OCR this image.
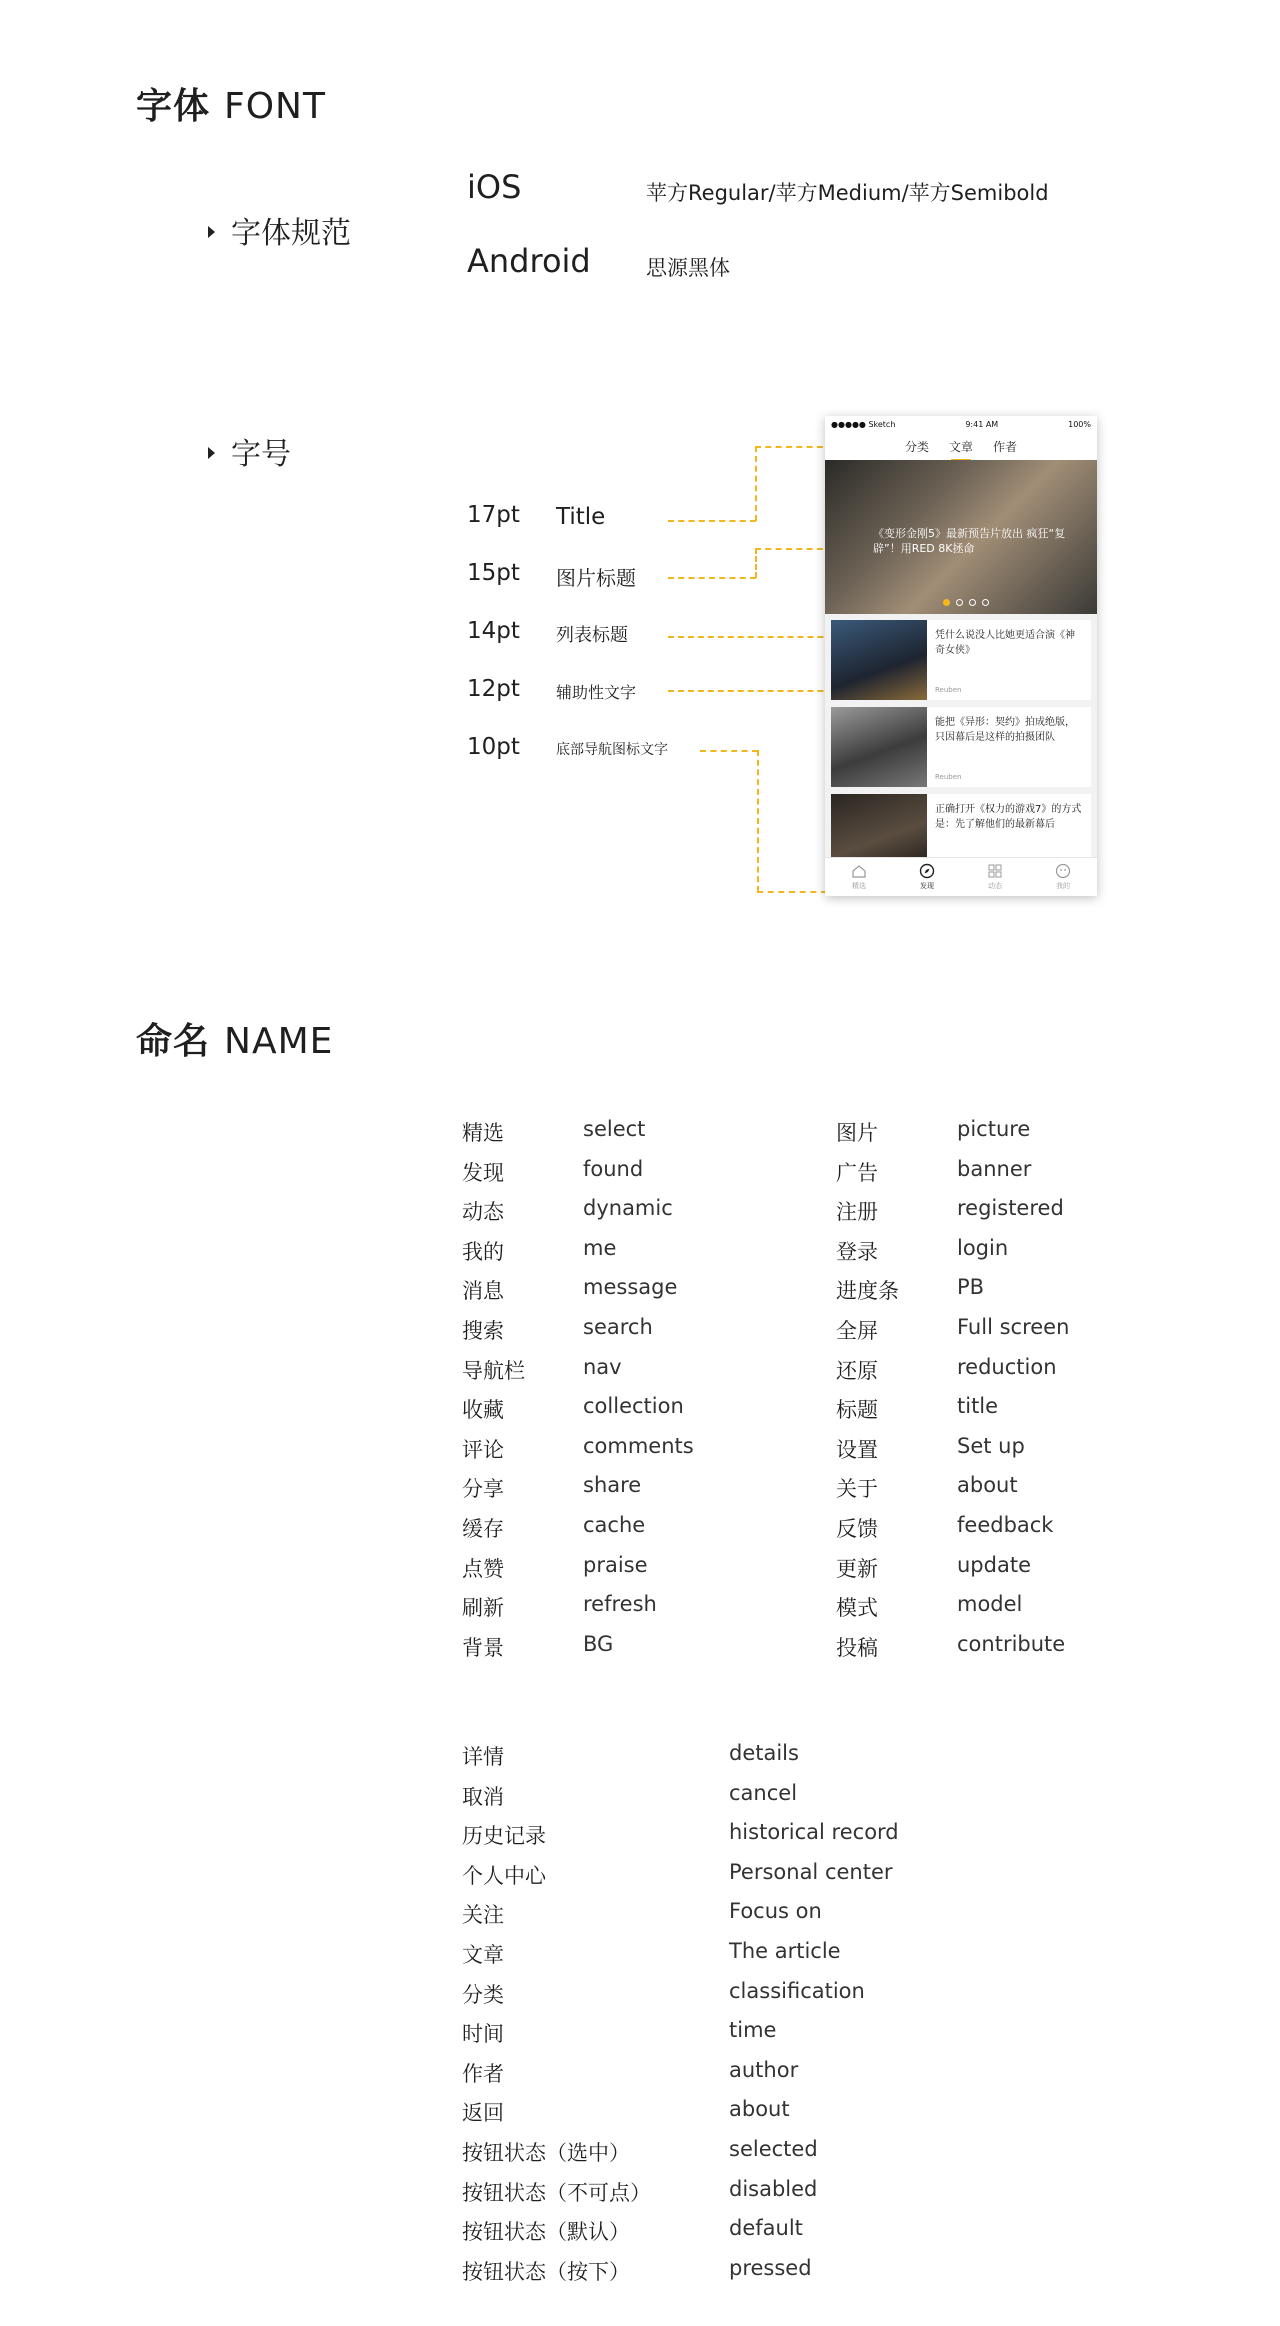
字体 FONT
字体规范
iOS	苹方Regular/苹方Medium/苹方Semibold
Android	思源黑体
字号
17pt Title
15pt 图片标题
14pt 列表标题
12pt 辅助性文字
10pt	底部导航图标文字
●●●●● Sketch	9:41 AM	100%
分类 文章 作者
《变形金刚5》最新预告片放出 疯狂“复辟”！用RED 8K拯命
凭什么说没人比她更适合演《神奇女侠》
Reuben
能把《异形：契约》拍成绝版，只因幕后是这样的拍摄团队
Reuben
正确打开《权力的游戏7》的方式是：先了解他们的最新幕后
精选	发现	动态	我的
命名 NAME
精选	select
发现	found
动态	dynamic
我的	me
消息	message
搜索	search
导航栏	nav
收藏	collection
评论	comments
分享	share
缓存	cache
点赞	praise
刷新	refresh
背景	BG
图片	picture
广告	banner
注册	registered
登录	login
进度条	PB
全屏	Full screen
还原	reduction
标题	title
设置	Set up
关于	about
反馈	feedback
更新	update
模式	model
投稿	contribute
详情	details
取消	cancel
历史记录	historical record
个人中心	Personal center
关注	Focus on
文章	The article
分类	classification
时间	time
作者	author
返回	about
按钮状态（选中）	selected
按钮状态（不可点）	disabled
按钮状态（默认）	default
按钮状态（按下）	pressed
